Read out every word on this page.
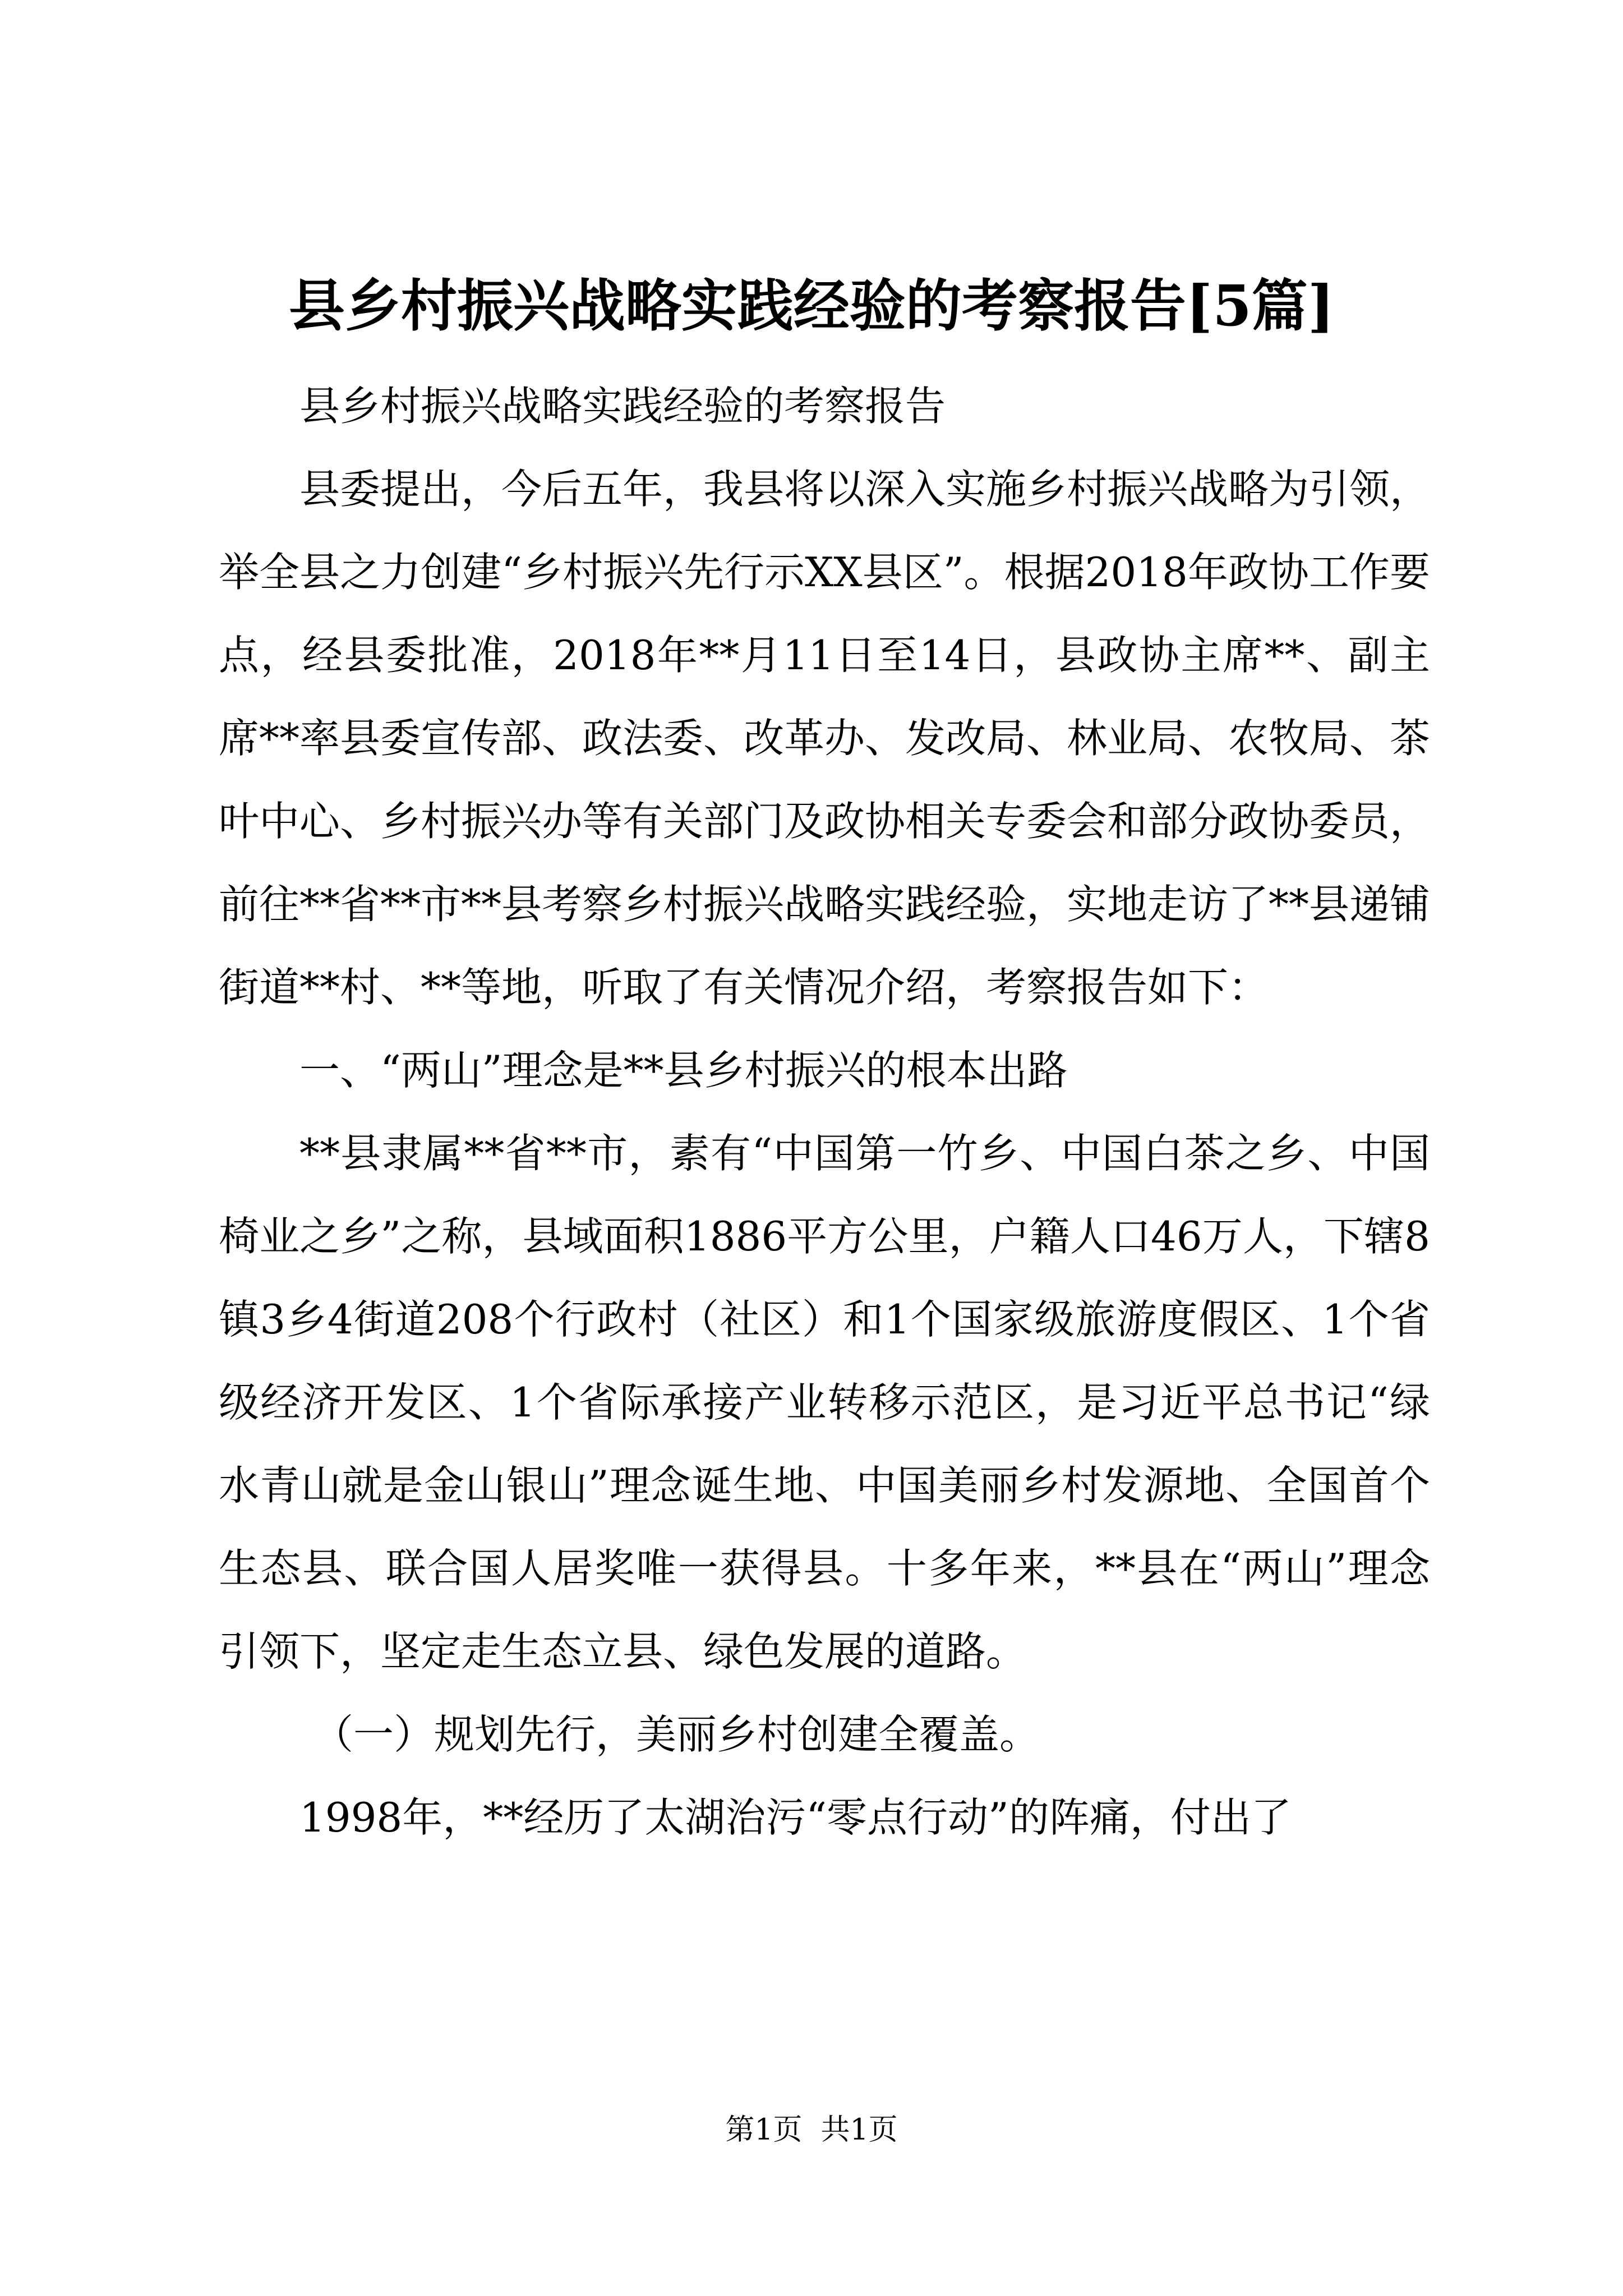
县乡村振兴战略实践经验的考察报告[5篇]

县乡村振兴战略实践经验的考察报告

县委提出，今后五年，我县将以深入实施乡村振兴战略为引领，举全县之力创建“乡村振兴先行示XX县区”。根据2018年政协工作要点，经县委批准，2018年**月11日至14日，县政协主席**、副主席**率县委宣传部、政法委、改革办、发改局、林业局、农牧局、茶叶中心、乡村振兴办等有关部门及政协相关专委会和部分政协委员，前往**省**市**县考察乡村振兴战略实践经验，实地走访了**县递铺街道**村、**等地，听取了有关情况介绍，考察报告如下：

一、“两山”理念是**县乡村振兴的根本出路

**县隶属**省**市，素有“中国第一竹乡、中国白茶之乡、中国椅业之乡”之称，县域面积1886平方公里，户籍人口46万人，下辖8镇3乡4街道208个行政村（社区）和1个国家级旅游度假区、1个省级经济开发区、1个省际承接产业转移示范区，是习近平总书记“绿水青山就是金山银山”理念诞生地、中国美丽乡村发源地、全国首个生态县、联合国人居奖唯一获得县。十多年来，**县在“两山”理念引领下，坚定走生态立县、绿色发展的道路。

（一）规划先行，美丽乡村创建全覆盖。

1998年，**经历了太湖治污“零点行动”的阵痛，付出了

第1页  共1页
